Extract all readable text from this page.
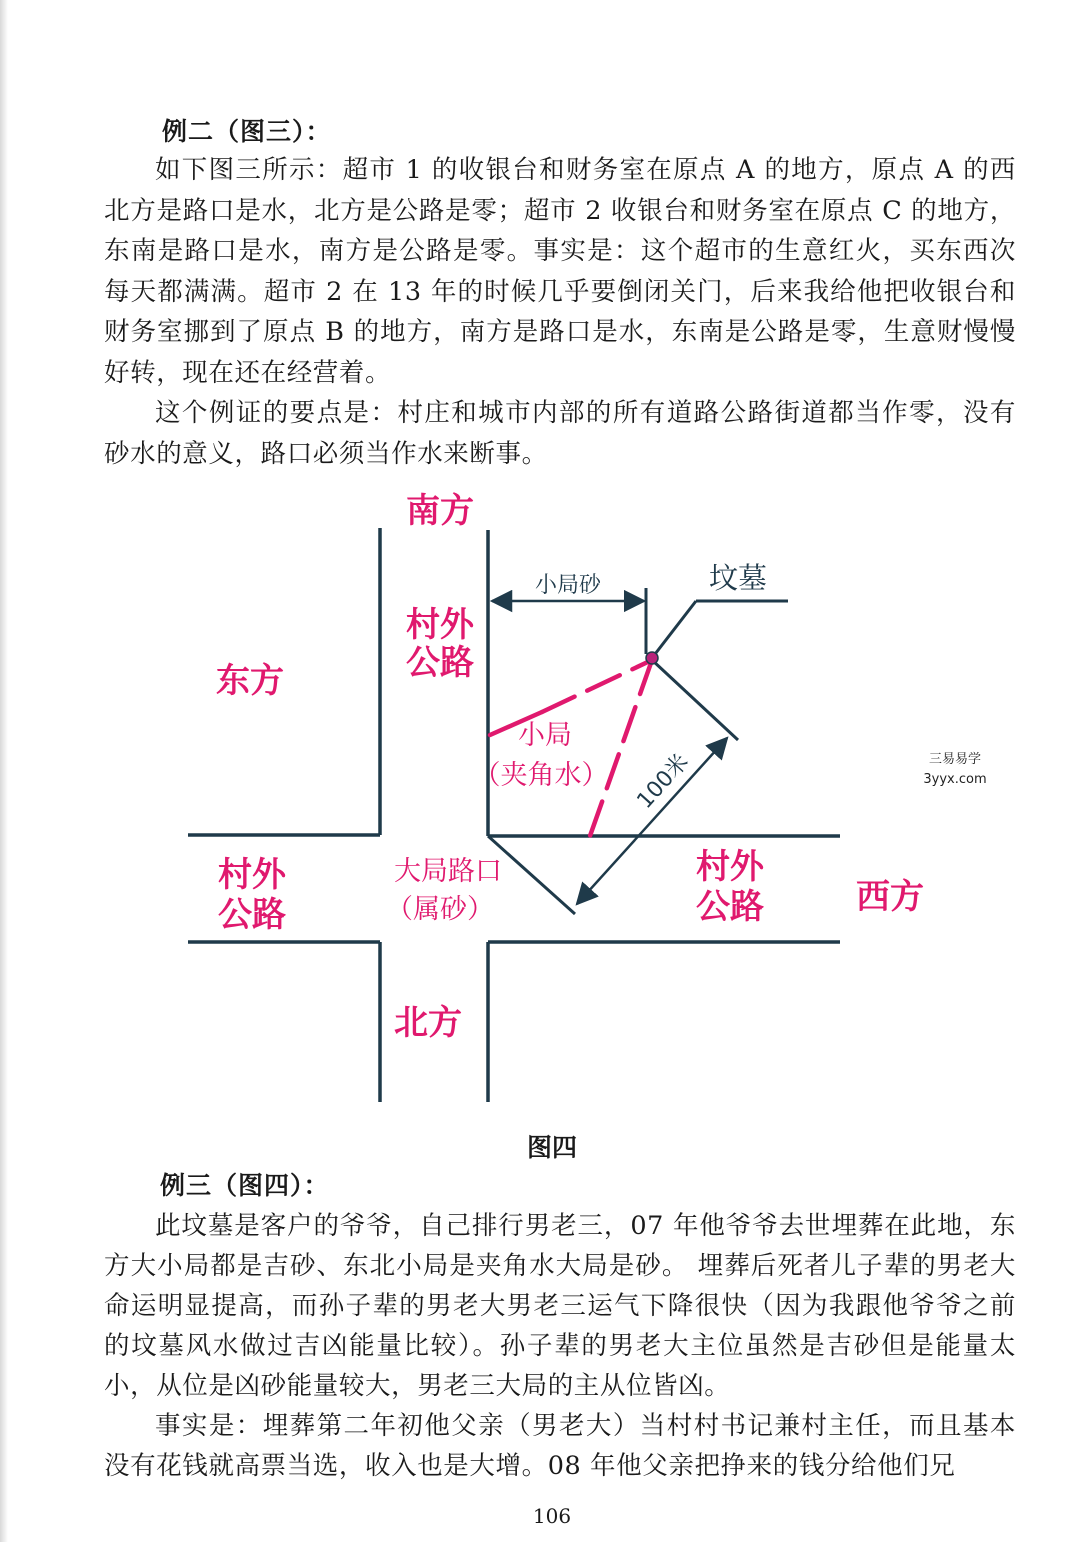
例二（图三）：

如下图三所示：超市 1 的收银台和财务室在原点 A 的地方，原点 A 的西北方是路口是水，北方是公路是零；超市 2 收银台和财务室在原点 C 的地方，东南是路口是水，南方是公路是零。事实是：这个超市的生意红火，买东西次每天都满满。超市 2 在 13 年的时候几乎要倒闭关门，后来我给他把收银台和财务室挪到了原点 B 的地方，南方是路口是水，东南是公路是零，生意财慢慢好转，现在还在经营着。

这个例证的要点是：村庄和城市内部的所有道路公路街道都当作零，没有砂水的意义，路口必须当作水来断事。

南方
北方
东方
西方
村外
公路
村外
公路
村外
公路
小局
（夹角水）
大局路口
（属砂）
小局砂	坟墓
100米	三易易学
3yyx.com
图四

例三（图四）：

此坟墓是客户的爷爷，自己排行男老三，07 年他爷爷去世埋葬在此地，东方大小局都是吉砂、东北小局是夹角水大局是砂。 埋葬后死者儿子辈的男老大命运明显提高，而孙子辈的男老大男老三运气下降很快（因为我跟他爷爷之前的坟墓风水做过吉凶能量比较）。孙子辈的男老大主位虽然是吉砂但是能量太小，从位是凶砂能量较大，男老三大局的主从位皆凶。

事实是：埋葬第二年初他父亲（男老大）当村村书记兼村主任，而且基本没有花钱就高票当选，收入也是大增。08 年他父亲把挣来的钱分给他们兄

106
